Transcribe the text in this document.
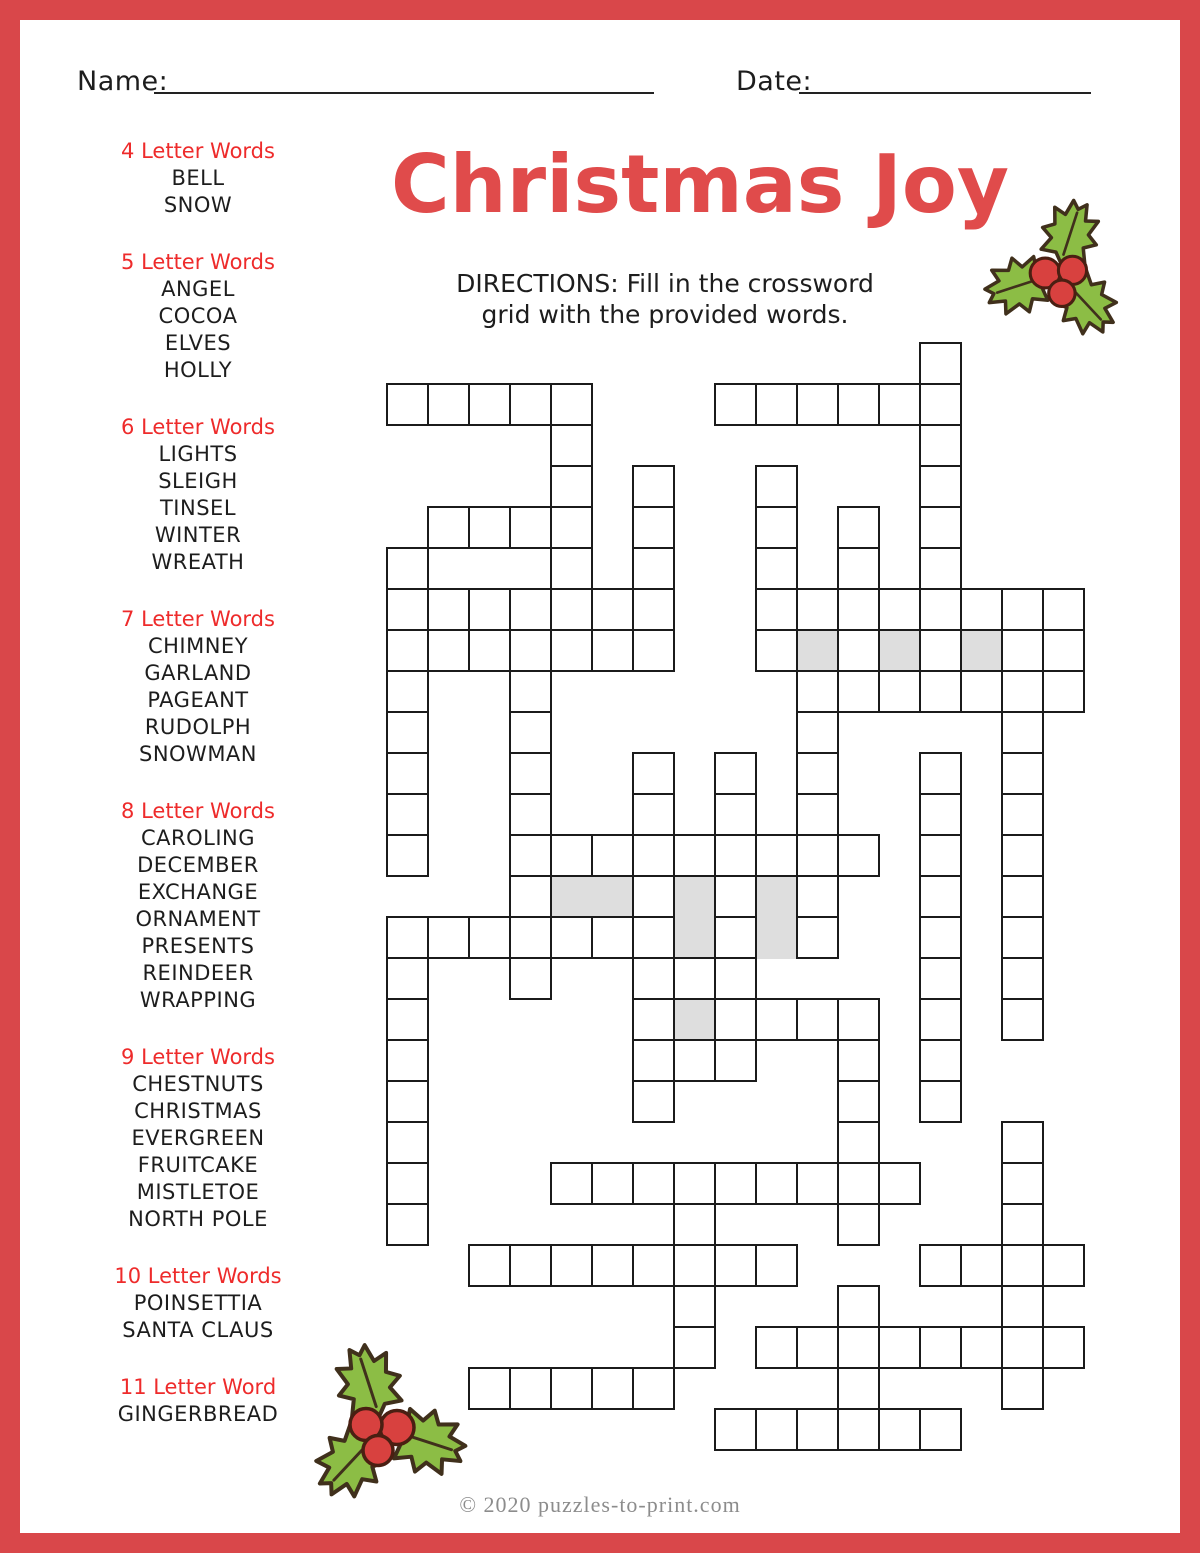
Name:	Date:
4 Letter Words
BELL
SNOW
5 Letter Words
ANGEL
COCOA
ELVES
HOLLY
6 Letter Words
LIGHTS
SLEIGH
TINSEL
WINTER
WREATH
7 Letter Words
CHIMNEY
GARLAND
PAGEANT
RUDOLPH
SNOWMAN
8 Letter Words
CAROLING
DECEMBER
EXCHANGE
ORNAMENT
PRESENTS
REINDEER
WRAPPING
9 Letter Words
CHESTNUTS
CHRISTMAS
EVERGREEN
FRUITCAKE
MISTLETOE
NORTH POLE
10 Letter Words
POINSETTIA
SANTA CLAUS
11 Letter Word
GINGERBREAD
Christmas Joy
DIRECTIONS: Fill in the crossword
grid with the provided words.
© 2020 puzzles-to-print.com
